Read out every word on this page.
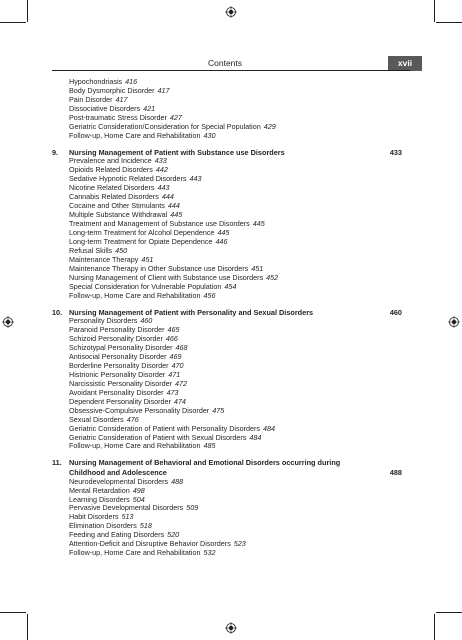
Contents	xvii
Hypochondriasis 416
Body Dysmorphic Disorder 417
Pain Disorder 417
Dissociative Disorders 421
Post-traumatic Stress Disorder 427
Geriatric Consideration/Consideration for Special Population 429
Follow-up, Home Care and Rehabilitation 430
9.	Nursing Management of Patient with Substance use Disorders	433
Prevalence and Incidence 433
Opioids Related Disorders 442
Sedative Hypnotic Related Disorders 443
Nicotine Related Disorders 443
Cannabis Related Disorders 444
Cocaine and Other Stimulants 444
Multiple Substance Withdrawal 445
Treatment and Management of Substance use Disorders 445
Long-term Treatment for Alcohol Dependence 445
Long-term Treatment for Opiate Dependence 446
Refusal Skills 450
Maintenance Therapy 451
Maintenance Therapy in Other Substance use Disorders 451
Nursing Management of Client with Substance use Disorders 452
Special Consideration for Vulnerable Population 454
Follow-up, Home Care and Rehabilitation 456
10. Nursing Management of Patient with Personality and Sexual Disorders	460
Personality Disorders 460
Paranoid Personality Disorder 465
Schizoid Personality Disorder 466
Schizotypal Personality Disorder 468
Antisocial Personality Disorder 469
Borderline Personality Disorder 470
Histrionic Personality Disorder 471
Narcissistic Personality Disorder 472
Avoidant Personality Disorder 473
Dependent Personality Disorder 474
Obsessive-Compulsive Personality Disorder 475
Sexual Disorders 476
Geriatric Consideration of Patient with Personality Disorders 484
Geriatric Consideration of Patient with Sexual Disorders 484
Follow-up, Home Care and Rehabilitation 485
11. Nursing Management of Behavioral and Emotional Disorders occurring during Childhood and Adolescence	488
Neurodevelopmental Disorders 488
Mental Retardation 498
Learning Disorders 504
Pervasive Developmental Disorders 509
Habit Disorders 513
Elimination Disorders 518
Feeding and Eating Disorders 520
Attention-Deficit and Disruptive Behavior Disorders 523
Follow-up, Home Care and Rehabilitation 532
